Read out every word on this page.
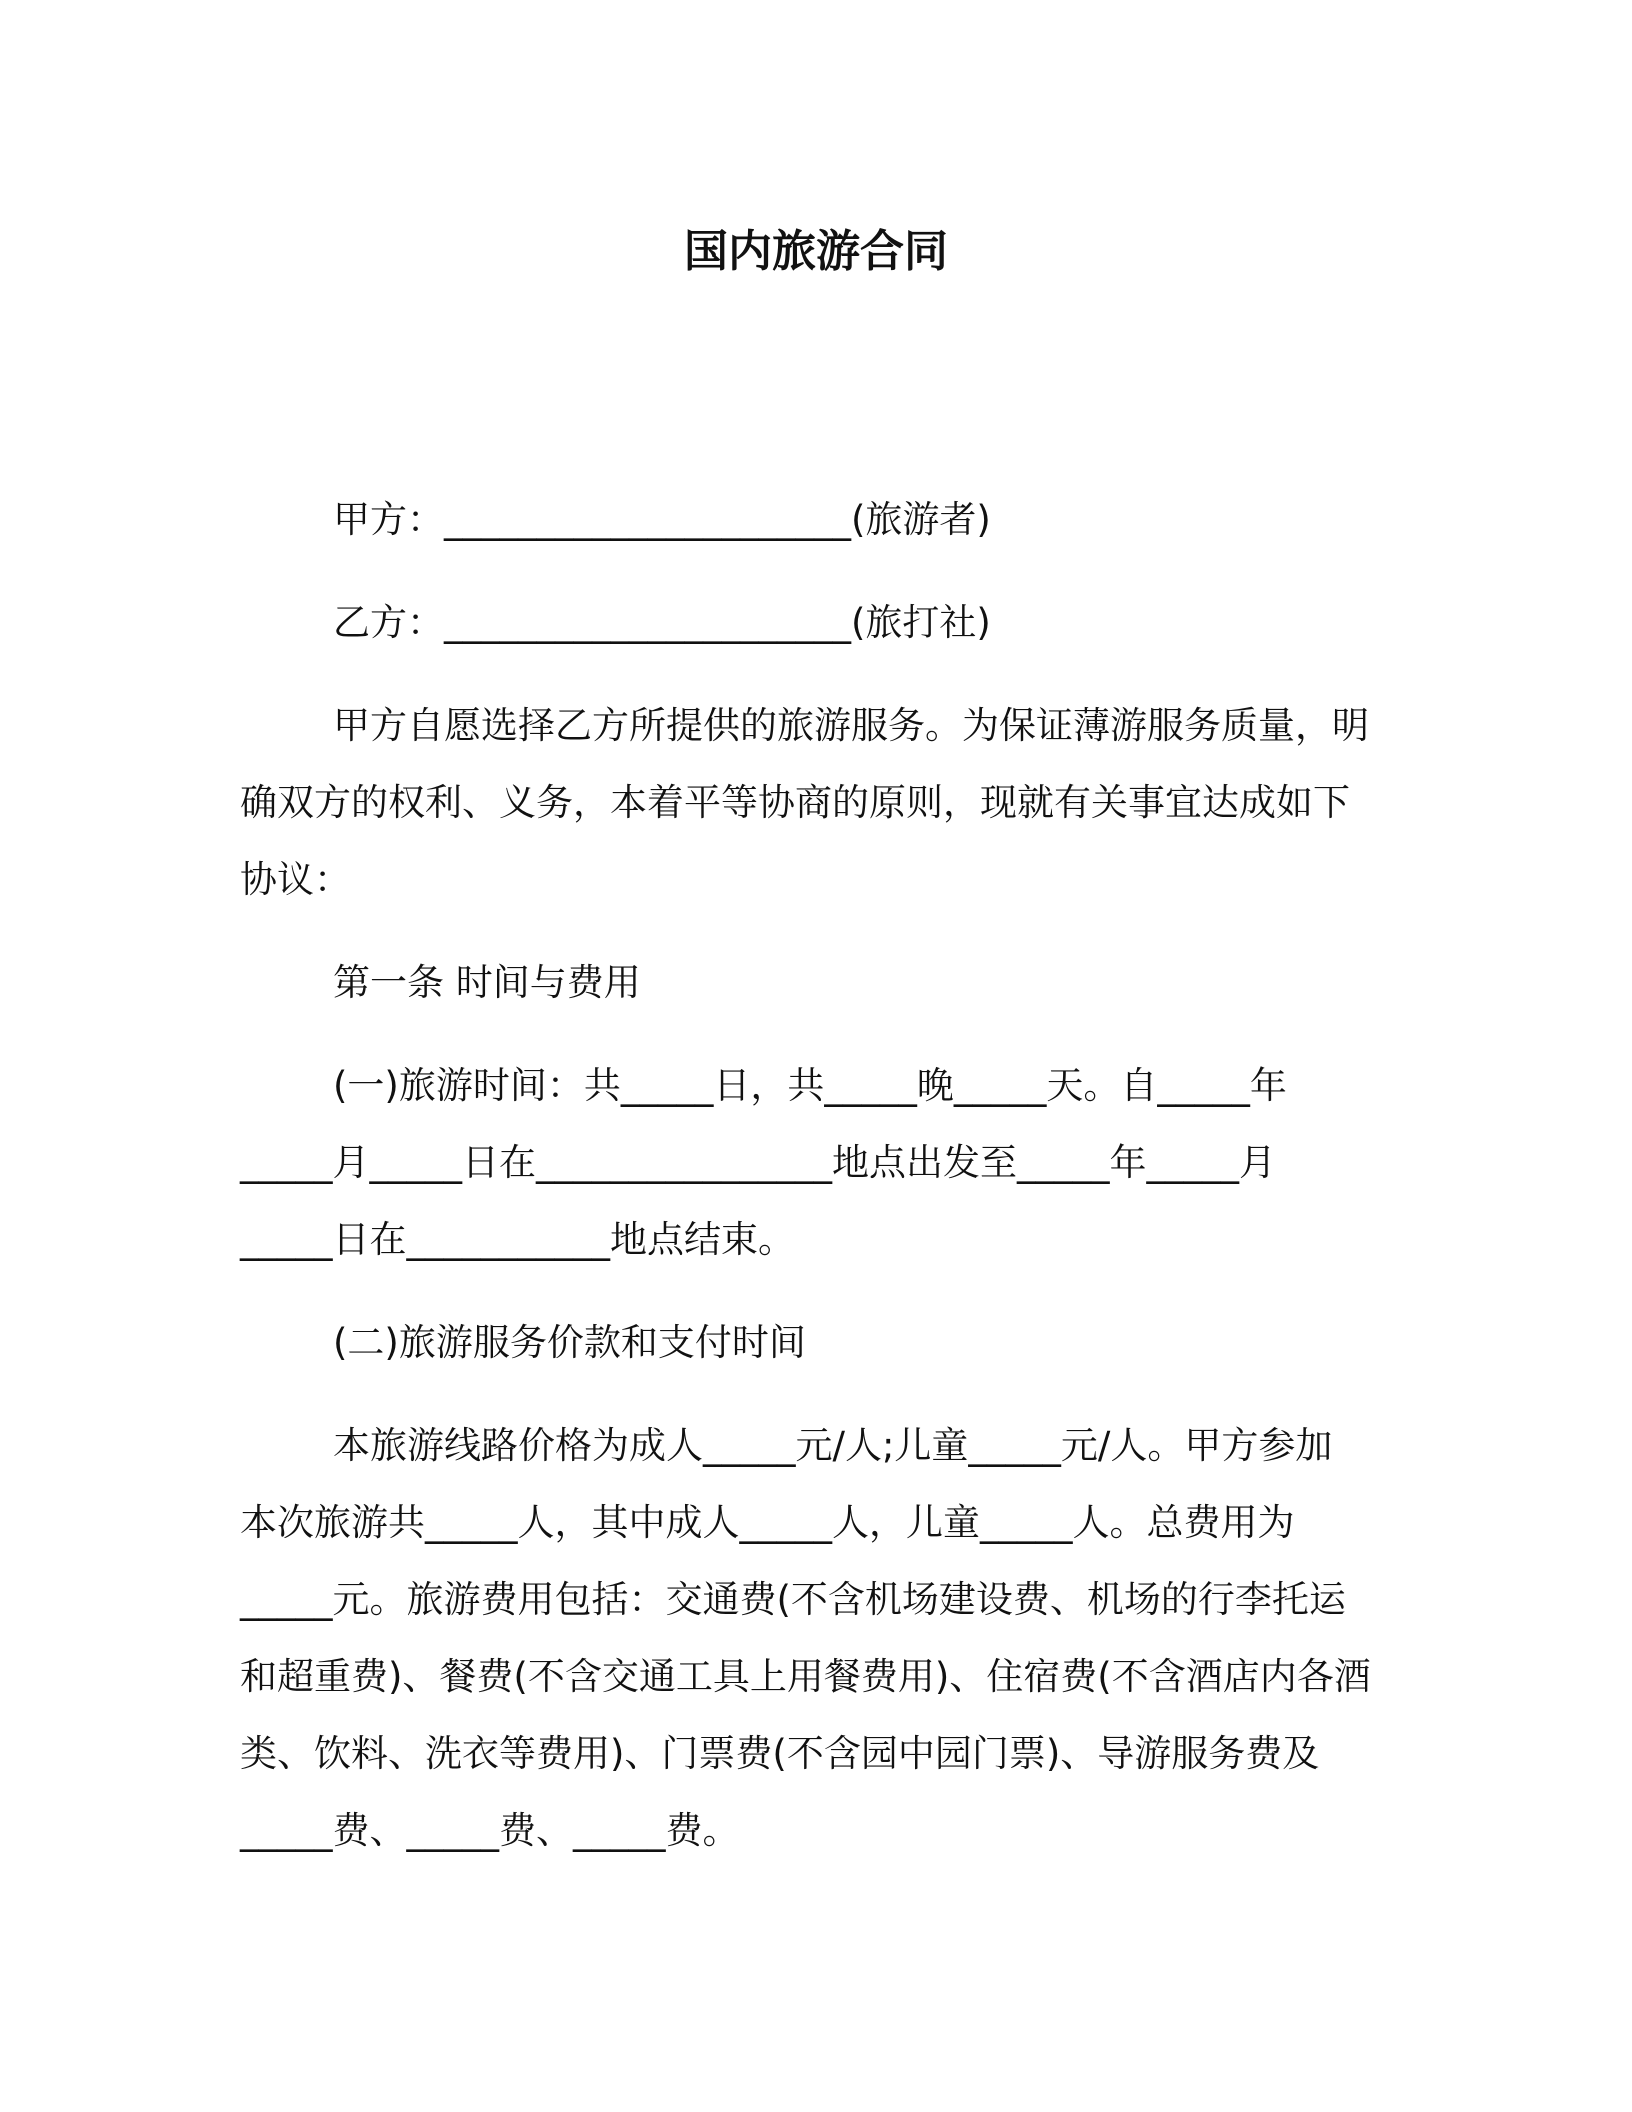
国内旅游合同
甲方：______________________(旅游者)
乙方：______________________(旅打社)
甲方自愿选择乙方所提供的旅游服务。为保证薄游服务质量，明
确双方的权利、义务，本着平等协商的原则，现就有关事宜达成如下
协议：
第一条 时间与费用
(一)旅游时间：共_____日，共_____晚_____天。自_____年
_____月_____日在________________地点出发至_____年_____月
_____日在___________地点结束。
(二)旅游服务价款和支付时间
本旅游线路价格为成人_____元/人;儿童_____元/人。甲方参加
本次旅游共_____人，其中成人_____人，儿童_____人。总费用为
_____元。旅游费用包括：交通费(不含机场建设费、机场的行李托运
和超重费)、餐费(不含交通工具上用餐费用)、住宿费(不含酒店内各酒
类、饮料、洗衣等费用)、门票费(不含园中园门票)、导游服务费及
_____费、_____费、_____费。
